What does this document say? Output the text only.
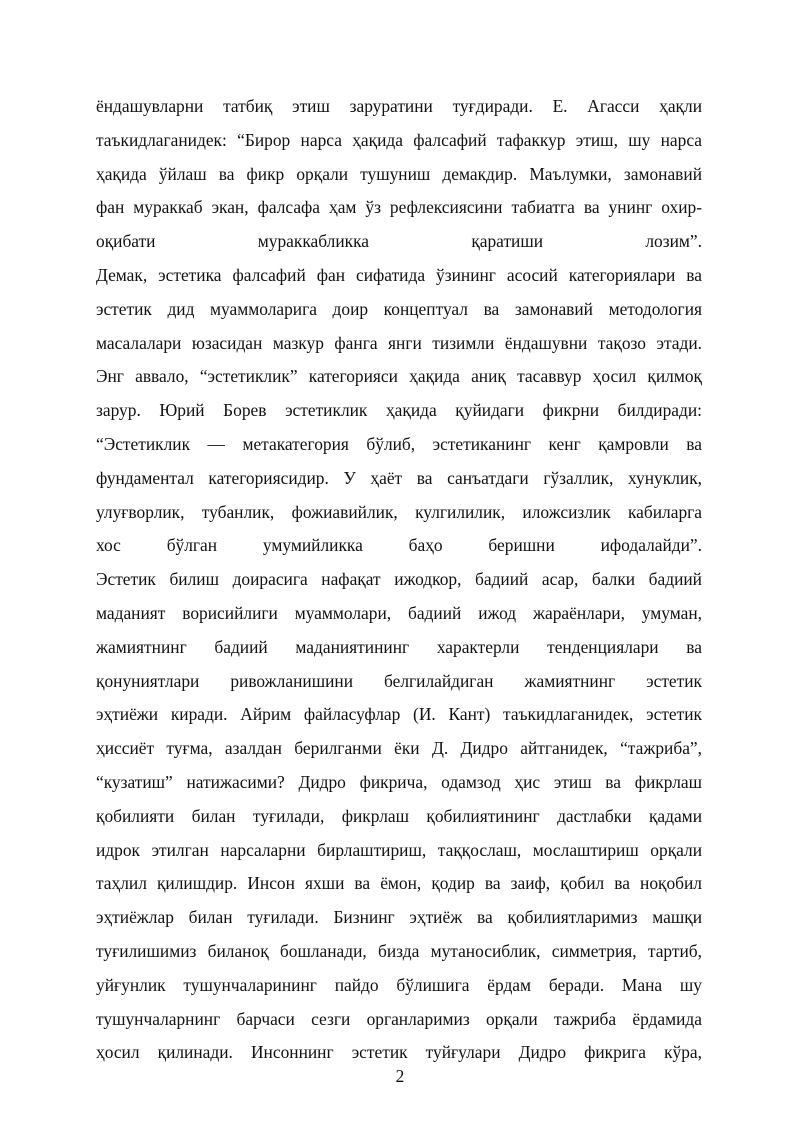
ёндашувларни татбиқ этиш заруратини туғдиради. Е. Агасси ҳақли
таъкидлаганидек: “Бирор нарса ҳақида фалсафий тафаккур этиш, шу нарса
ҳақида ўйлаш ва фикр орқали тушуниш демакдир. Маълумки, замонавий
фан мураккаб экан, фалсафа ҳам ўз рефлексиясини табиатга ва унинг охир-
оқибати мураккабликка қаратиши лозим”.
Демак, эстетика фалсафий фан сифатида ўзининг асосий категориялари ва
эстетик дид муаммоларига доир концептуал ва замонавий методология
масалалари юзасидан мазкур фанга янги тизимли ёндашувни тақозо этади.
Энг аввало, “эстетиклик” категорияси ҳақида аниқ тасаввур ҳосил қилмоқ
зарур. Юрий Борев эстетиклик ҳақида қуйидаги фикрни билдиради:
“Эстетиклик — метакатегория бўлиб, эстетиканинг кенг қамровли ва
фундаментал категориясидир. У ҳаёт ва санъатдаги гўзаллик, хунуклик,
улуғворлик, тубанлик, фожиавийлик, кулгилилик, иложсизлик кабиларга
хос бўлган умумийликка баҳо беришни ифодалайди”.
Эстетик билиш доирасига нафақат ижодкор, бадиий асар, балки бадиий
маданият ворисийлиги муаммолари, бадиий ижод жараёнлари, умуман,
жамиятнинг бадиий маданиятининг характерли тенденциялари ва
қонуниятлари ривожланишини белгилайдиган жамиятнинг эстетик
эҳтиёжи киради. Айрим файласуфлар (И. Кант) таъкидлаганидек, эстетик
ҳиссиёт туғма, азалдан берилганми ёки Д. Дидро айтганидек, “тажриба”,
“кузатиш” натижасими? Дидро фикрича, одамзод ҳис этиш ва фикрлаш
қобилияти билан туғилади, фикрлаш қобилиятининг дастлабки қадами
идрок этилган нарсаларни бирлаштириш, таққослаш, мослаштириш орқали
таҳлил қилишдир. Инсон яхши ва ёмон, қодир ва заиф, қобил ва ноқобил
эҳтиёжлар билан туғилади. Бизнинг эҳтиёж ва қобилиятларимиз машқи
туғилишимиз биланоқ бошланади, бизда мутаносиблик, симметрия, тартиб,
уйғунлик тушунчаларининг пайдо бўлишига ёрдам беради. Мана шу
тушунчаларнинг барчаси сезги органларимиз орқали тажриба ёрдамида
ҳосил қилинади. Инсоннинг эстетик туйғулари Дидро фикрига кўра,
2
